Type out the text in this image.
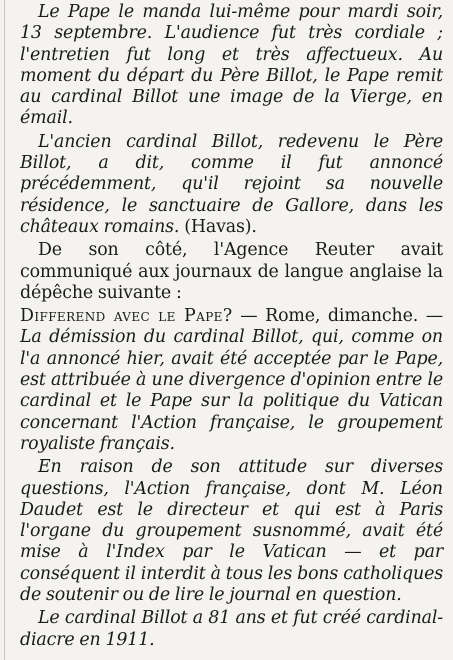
Le Pape le manda lui-même pour mardi soir, 13 septembre. L'audience fut très cordiale ; l'entretien fut long et très affectueux. Au moment du départ du Père Billot, le Pape remit au cardinal Billot une image de la Vierge, en émail.

L'ancien cardinal Billot, redevenu le Père Billot, a dit, comme il fut annoncé précédemment, qu'il rejoint sa nouvelle résidence, le sanctuaire de Gallore, dans les châteaux romains. (Havas).

De son côté, l'Agence Reuter avait communiqué aux journaux de langue anglaise la dépêche suivante :

Differend avec le Pape? — Rome, dimanche. — La démission du cardinal Billot, qui, comme on l'a annoncé hier, avait été acceptée par le Pape, est attribuée à une divergence d'opinion entre le cardinal et le Pape sur la politique du Vatican concernant l'Action française, le groupement royaliste français.

En raison de son attitude sur diverses questions, l'Action française, dont M. Léon Daudet est le directeur et qui est à Paris l'organe du groupement susnommé, avait été mise à l'Index par le Vatican — et par conséquent il interdit à tous les bons catholiques de soutenir ou de lire le journal en question.

Le cardinal Billot a 81 ans et fut créé cardinal-diacre en 1911.
